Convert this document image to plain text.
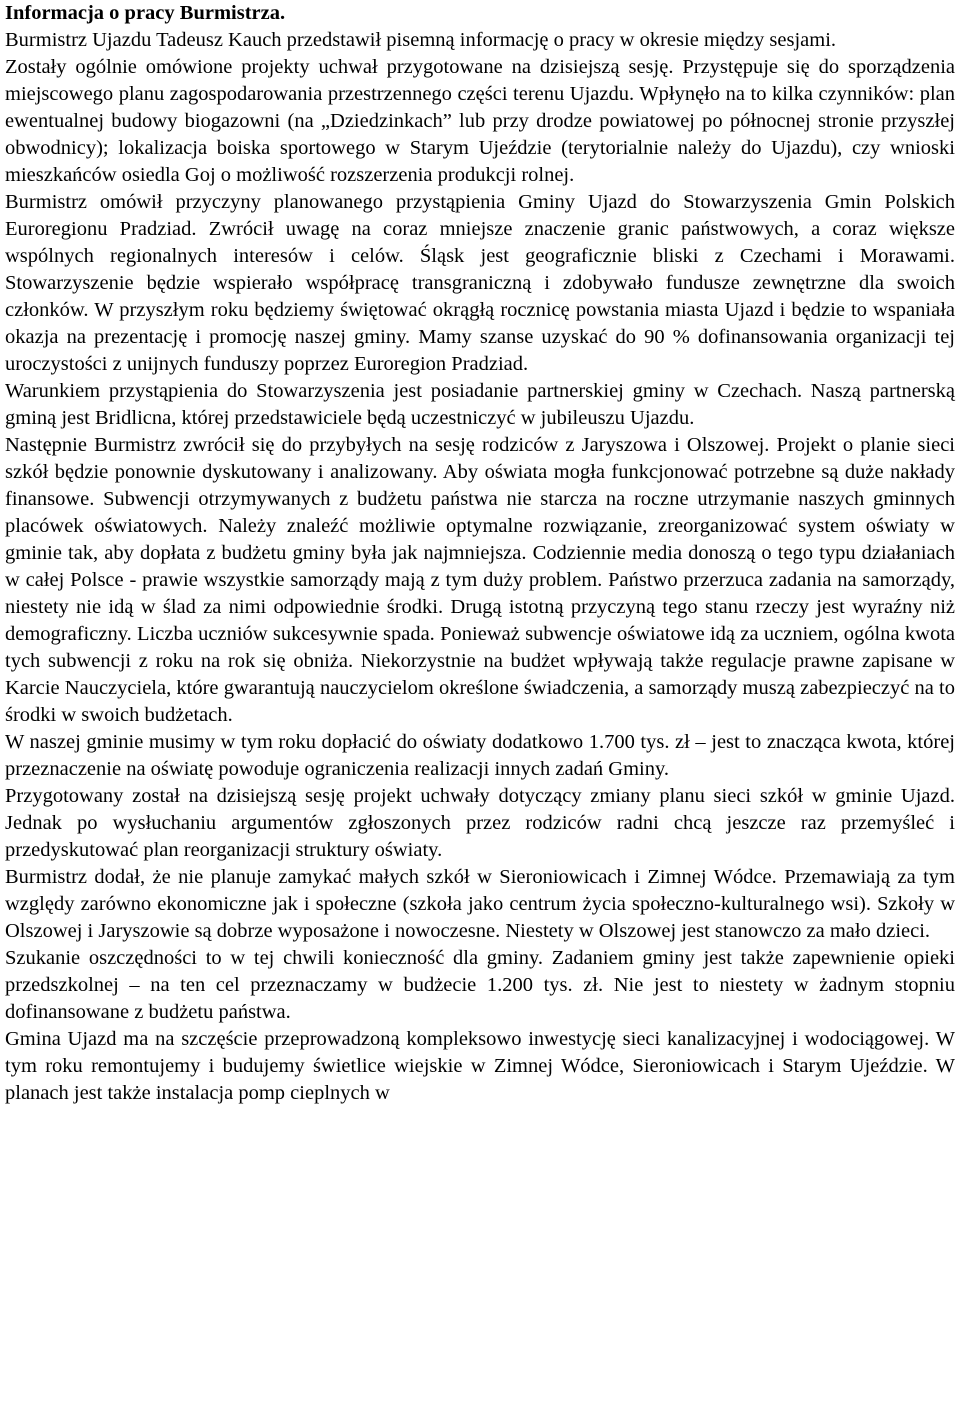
Informacja o pracy Burmistrza.

Burmistrz Ujazdu Tadeusz Kauch przedstawił pisemną informację o pracy w okresie między sesjami.

Zostały ogólnie omówione projekty uchwał przygotowane na dzisiejszą sesję. Przystępuje się do sporządzenia miejscowego planu zagospodarowania przestrzennego części terenu Ujazdu. Wpłynęło na to kilka czynników: plan ewentualnej budowy biogazowni (na „Dziedzinkach” lub przy drodze powiatowej po północnej stronie przyszłej obwodnicy); lokalizacja boiska sportowego w Starym Ujeździe (terytorialnie należy do Ujazdu), czy wnioski mieszkańców osiedla Goj o możliwość rozszerzenia produkcji rolnej.

Burmistrz omówił przyczyny planowanego przystąpienia Gminy Ujazd do Stowarzyszenia Gmin Polskich Euroregionu Pradziad. Zwrócił uwagę na coraz mniejsze znaczenie granic państwowych, a coraz większe wspólnych regionalnych interesów i celów. Śląsk jest geograficznie bliski z Czechami i Morawami. Stowarzyszenie będzie wspierało współpracę transgraniczną i zdobywało fundusze zewnętrzne dla swoich członków. W przyszłym roku będziemy świętować okrągłą rocznicę powstania miasta Ujazd i będzie to wspaniała okazja na prezentację i promocję naszej gminy. Mamy szanse uzyskać do 90 % dofinansowania organizacji tej uroczystości z unijnych funduszy poprzez Euroregion Pradziad.

Warunkiem przystąpienia do Stowarzyszenia jest posiadanie partnerskiej gminy w Czechach. Naszą partnerską gminą jest Bridlicna, której przedstawiciele będą uczestniczyć w jubileuszu Ujazdu.

Następnie Burmistrz zwrócił się do przybyłych na sesję rodziców z Jaryszowa i Olszowej. Projekt o planie sieci szkół będzie ponownie dyskutowany i analizowany. Aby oświata mogła funkcjonować potrzebne są duże nakłady finansowe. Subwencji otrzymywanych z budżetu państwa nie starcza na roczne utrzymanie naszych gminnych placówek oświatowych. Należy znaleźć możliwie optymalne rozwiązanie, zreorganizować system oświaty w gminie tak, aby dopłata z budżetu gminy była jak najmniejsza. Codziennie media donoszą o tego typu działaniach w całej Polsce - prawie wszystkie samorządy mają z tym duży problem. Państwo przerzuca zadania na samorządy, niestety nie idą w ślad za nimi odpowiednie środki. Drugą istotną przyczyną tego stanu rzeczy jest wyraźny niż demograficzny. Liczba uczniów sukcesywnie spada. Ponieważ subwencje oświatowe idą za uczniem, ogólna kwota tych subwencji z roku na rok się obniża. Niekorzystnie na budżet wpływają także regulacje prawne zapisane w Karcie Nauczyciela, które gwarantują nauczycielom określone świadczenia, a samorządy muszą zabezpieczyć na to środki w swoich budżetach.

W naszej gminie musimy w tym roku dopłacić do oświaty dodatkowo 1.700 tys. zł – jest to znacząca kwota, której przeznaczenie na oświatę powoduje ograniczenia realizacji innych zadań Gminy.

Przygotowany został na dzisiejszą sesję projekt uchwały dotyczący zmiany planu sieci szkół w gminie Ujazd. Jednak po wysłuchaniu argumentów zgłoszonych przez rodziców radni chcą jeszcze raz przemyśleć i przedyskutować plan reorganizacji struktury oświaty.

Burmistrz dodał, że nie planuje zamykać małych szkół w Sieroniowicach i Zimnej Wódce. Przemawiają za tym względy zarówno ekonomiczne jak i społeczne (szkoła jako centrum życia społeczno-kulturalnego wsi). Szkoły w Olszowej i Jaryszowie są dobrze wyposażone i nowoczesne. Niestety w Olszowej jest stanowczo za mało dzieci.

Szukanie oszczędności to w tej chwili konieczność dla gminy. Zadaniem gminy jest także zapewnienie opieki przedszkolnej – na ten cel przeznaczamy w budżecie 1.200 tys. zł. Nie jest to niestety w żadnym stopniu dofinansowane z budżetu państwa.

Gmina Ujazd ma na szczęście przeprowadzoną kompleksowo inwestycję sieci kanalizacyjnej i wodociągowej. W tym roku remontujemy i budujemy świetlice wiejskie w Zimnej Wódce, Sieroniowicach i Starym Ujeździe. W planach jest także instalacja pomp cieplnych w
